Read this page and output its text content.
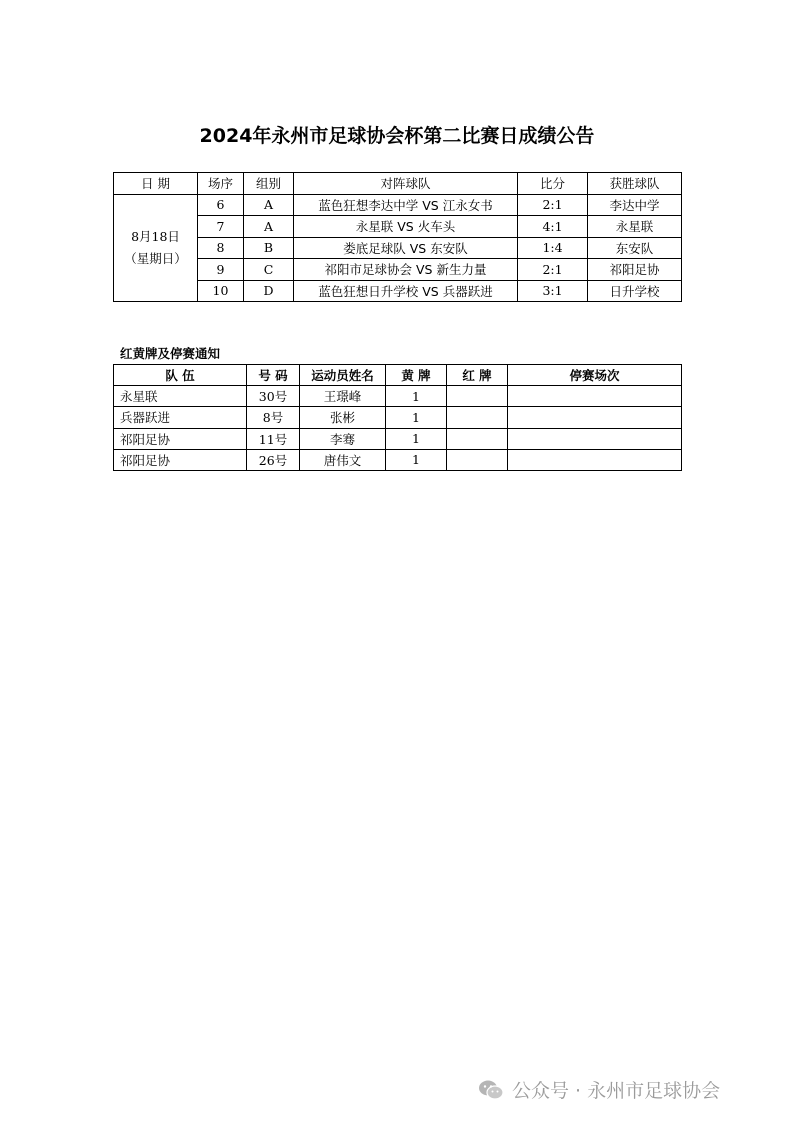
2024年永州市足球协会杯第二比赛日成绩公告
日 期	场序	组别	对阵球队	比分	获胜球队

8月18日
（星期日）	6	A	蓝色狂想李达中学 VS 江永女书	2:1	李达中学
	7	A	永星联 VS 火车头	4:1	永星联
	8	B	娄底足球队 VS 东安队	1:4	东安队
	9	C	祁阳市足球协会 VS 新生力量	2:1	祁阳足协
	10	D	蓝色狂想日升学校 VS 兵器跃进	3:1	日升学校
红黄牌及停赛通知
队 伍	号 码	运动员姓名	黄 牌	红 牌	停赛场次
永星联	30号	王璟峰	1		
兵器跃进	8号	张彬	1		
祁阳足协	11号	李骞	1		
祁阳足协	26号	唐伟文	1		
公众号 · 永州市足球协会
